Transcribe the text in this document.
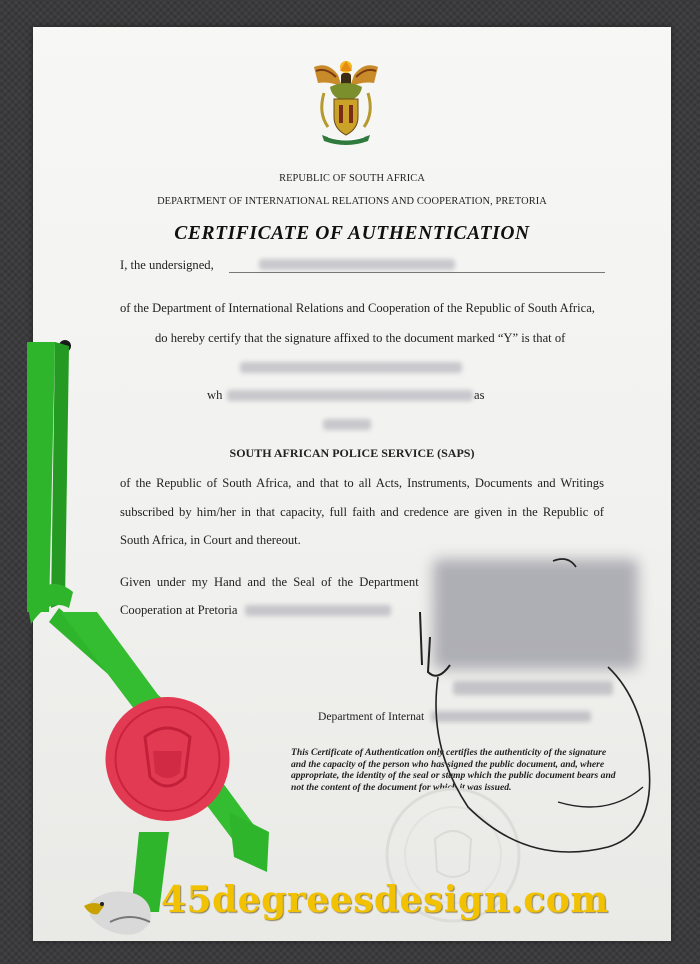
REPUBLIC OF SOUTH AFRICA
DEPARTMENT OF INTERNATIONAL RELATIONS AND COOPERATION, PRETORIA
CERTIFICATE OF AUTHENTICATION
I, the undersigned,
of the Department of International Relations and Cooperation of the Republic of South Africa,
do hereby certify that the signature affixed to the document marked “Y” is that of
wh	as
SOUTH AFRICAN POLICE SERVICE (SAPS)
of the Republic of South Africa, and that to all Acts, Instruments, Documents and Writings
subscribed by him/her in that capacity, full faith and credence are given in the Republic of
South Africa, in Court and thereout.
Given under my Hand and the Seal of the Department
Cooperation at Pretoria
Department of Internat
This Certificate of Authentication only certifies the authenticity of the signature and the capacity of the person who has signed the public document, and, where appropriate, the identity of the seal or stamp which the public document bears and not the content of the document for which it was issued.
45degreesdesign.com
